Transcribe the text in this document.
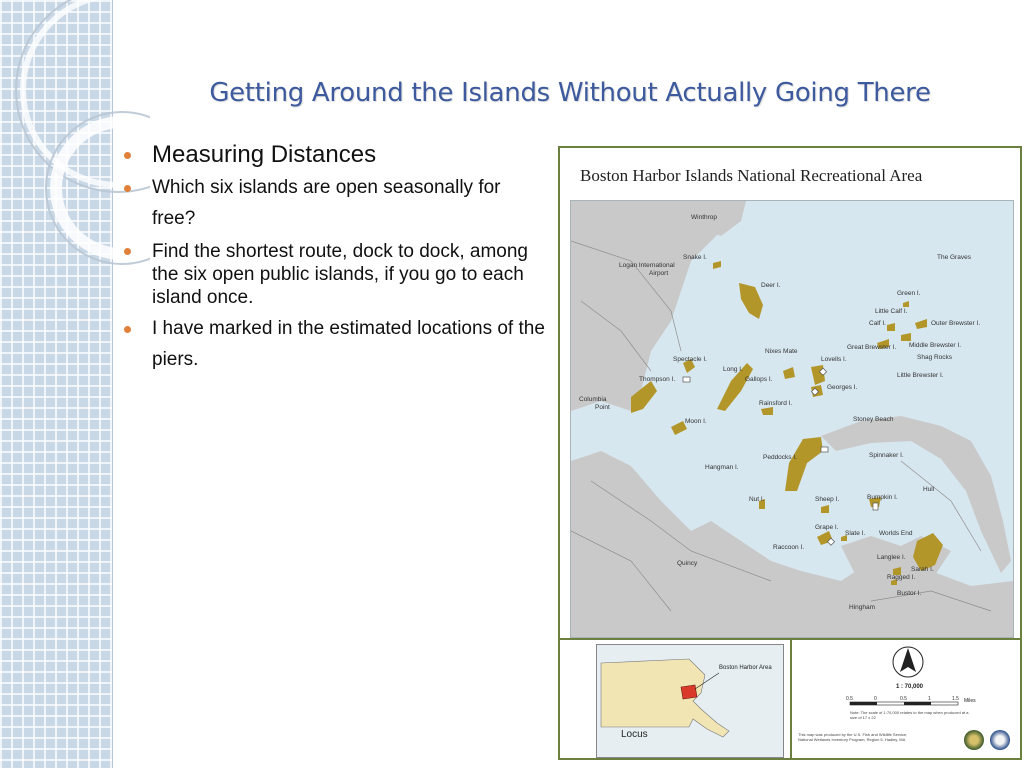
Getting Around the Islands Without Actually Going There
Measuring Distances
Which six islands are open seasonally for free?
Find the shortest route, dock to dock, among the six open public islands, if you go to each island once.
I have marked in the estimated locations of the piers.
Boston Harbor Islands National Recreational Area
Winthrop
Logan International
Airport
Snake I.
Deer I.
The Graves
Green I.
Little Calf I.
Calf I.	Outer Brewster I.
Great Brewster I. Middle Brewster I.
Nixes Mate
Spectacle I.
Long I.
Lovells I.	Shag Rocks
Little Brewster I.
Thompson I.	Gallops I.
Georges I.
Columbia
Point
Rainsford I.
Moon I.	Stoney Beach
Peddocks I.	Spinnaker I.
Hangman I.
Hull
Nut I.	Sheep I.	Bumpkin I.
Grape I.
Slate I. Worlds End
Raccoon I.
Quincy
Langlee I.
Sarah I.
Ragged I.
Bustor I.
Hingham
Boston Harbor Area
Locus
0.5	0	0.5	1	1.5
1 : 70,000
Miles
Note: The scale of 1:70,000 relates to the map when produced at a size of 17 x 22
This map was produced by the U.S. Fish and Wildlife Service, National Wetlands Inventory Program, Region 5, Hadley, MA
